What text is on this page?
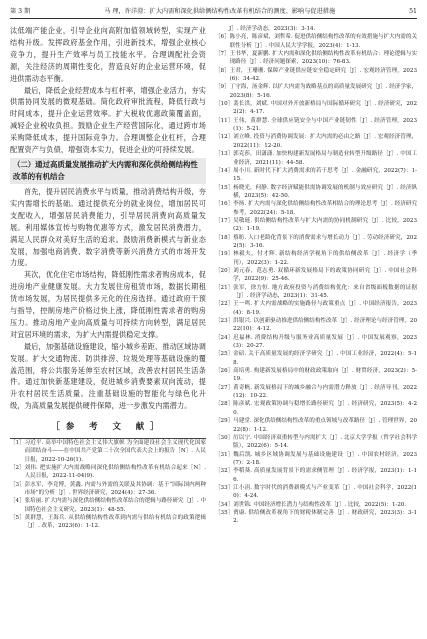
第 3 期	马 理，许洋澄：扩大内需和深化供给侧结构性改革有机结合的测度、影响与促进措施	51

汰低端产能企业，引导企业向高附加值领域转型，实现产业结构升级。发挥政府基金作用，引进新技术，增强企业核心竞争力，提升生产效率与员工技能水平。合理调配社会资源，关注经济的周期性变化，营造良好的企业运营环境，促进供需动态平衡。

最后，降低企业经营成本与杠杆率，增强企业活力，夯实供需协同发展的微观基础。简化政府审批流程，降低行政与时间成本，提升企业运营效率。扩大税收优惠政策覆盖面，减轻企业税收负担。鼓励企业生产经营国际化，通过跨市场采购降低成本，提升国际竞争力。合理调整企业杠杆，合理配置资产与负债，增强资本实力，促进企业的可持续发展。

（二）通过高质量发展推动扩大内需和深化供给侧结构性改革的有机结合

首先，提升居民消费水平与质量，推动消费结构升级，夯实内需增长的基础。通过提供充分的就业岗位，增加居民可支配收入，增强居民消费能力，引导居民消费向高质量发展。利用媒体宣传与购物优惠等方式，激发居民消费潜力，满足人民群众对美好生活的追求。鼓励消费新模式与新业态发展，加强电商消费、数字消费等新兴消费方式的市场开发力度。

其次，优化住宅市场结构，降低刚性需求者购房成本，促进房地产业健康发展。大力发展住房租赁市场，数据长期租赁市场发展，为居民提供多元化的住房选择。通过政府干预与指导，控制房地产价格过快上涨，降低刚性需求者的购房压力。推动房地产业向高质量与可持续方向转型，满足居民对宜居环境的需求，为扩大内需提供稳定支撑。

最后，加强基础设施建设，缩小城乡差距、推动区域协调发展。扩大交通物流、防洪排涝、垃圾处理等基础设施的覆盖范围，将公共服务延伸至农村区域，改善农村居民生活条件。通过加快新基建建设，促进城乡消费要素双向流动，提升农村居民生活质量。注重基础设施的智能化与绿色化升级，为高质量发展提供硬件保障，进一步激发内需潜力。

［参 考 文 献］
［1］ 习近平. 高举中国特色社会主义伟大旗帜 为全面建设社会主义现代化国家而团结奋斗——在中国共产党第二十次全国代表大会上的报告［N］. 人民日报，2022-10-26(1).
［2］ 刘伟. 把实施扩大内需战略同深化供给侧结构性改革有机结合起来［N］. 人民日报，2022-11-04(9).
［3］ 彭水军，李竞博，黄鑫. 内需与外需的关联及其协调：基于“国际国内两种市场”的分析［J］. 世界经济研究，2024(4)：27-36.
［4］ 张培丽. 扩大内需与深化供给侧结构性改革结合的逻辑与路径研究［J］. 中国特色社会主义研究，2023(1)：48-55.
［5］ 黄群慧，王海兵. 从供给侧结构性改革到内需与供给有机结合的政策逻辑［J］. 改革，2023(6)：1-12.
J］. 经济学动态，2023(3)：3-14.
［6］ 陈小亮，陈彦斌，刘哲希. 促进供给侧结构性改革的有效措施与扩大内需的关联性分析［J］. 中国人民大学学报，2023(4)：1-13.
［7］ 王书华，夏新鹏. 扩大内需和深化供给侧结构性改革有机结合：理论逻辑与实现路径［J］. 经济问题探索，2023(10)：76-83.
［8］ 王君，王珊珊. 保障产业链供应链安全稳定研究［J］. 宏观经济管理，2023(6)：34-42.
［9］ 丁守海，汤金辉. 以扩大内需为战略基点的高质量发展研究［J］. 经济学家，2023(8)：5-16.
［10］ 裴长洪，刘斌. 中国对外开放新格局与国际循环研究［J］. 经济研究，2022(2)：4-17.
［11］ 王伟，黄群慧. 全球供应链安全与中国产业链韧性［J］. 经济管理，2023(1)：5-21.
［12］ 刘立峰. 投资与消费协调发展：扩大内需的必由之路［J］. 宏观经济管理，2022(11)：12-20.
［13］ 郭克莎，田潇潇. 加快构建新发展格局与制造业转型升级路径［J］. 中国工业经济，2021(11)：44-58.
［14］ 周小川. 新时代下扩大消费需求的若干思考［J］. 金融研究，2022(7)：1-15.
［15］ 杨晓光，何静. 数字经济赋能供需协调发展的机制与效应研究［J］. 经济纵横，2023(5)：42-50.
［16］ 李扬. 扩大内需与深化供给侧结构性改革相结合的理论思考［J］. 经济研究参考，2022(24)：5-18.
［17］ 吴敬琏. 供给侧结构性改革与扩大内需的协同机制研究［J］. 比较，2023(2)：1-19.
［18］ 蔡昉. 人口老龄化背景下的消费需求与增长动力［J］. 劳动经济研究，2022(5)：3-16.
［19］ 林毅夫，付才辉. 新结构经济学视角下的供给侧改革［J］. 经济学（季刊），2022(3)：1-22.
［20］ 刘元春，范志勇. 双循环新发展格局下的政策协同研究［J］. 中国社会科学，2022(9)：25-46.
［21］ 张军，徐力恒. 地方政府投资与消费结构优化：来自省级面板数据的证据［J］. 经济学动态，2023(1)：31-45.
［22］ 王一鸣. 扩大内需战略的实施路径与政策重点［J］. 中国经济报告，2023(4)：8-19.
［23］ 洪银兴. 以创新驱动推进供给侧结构性改革［J］. 经济理论与经济管理，2022(10)：4-12.
［24］ 迟福林. 消费结构升级与服务业高质量发展［J］. 中国发展观察，2023(3)：20-27.
［25］ 金碚. 关于高质量发展的经济学研究［J］. 中国工业经济，2022(4)：5-18.
［26］ 高培勇. 构建新发展格局中的财政政策取向［J］. 财贸经济，2023(2)：5-19.
［27］ 黄奇帆. 新发展格局下的城乡融合与内需潜力释放［J］. 经济导刊，2022(12)：10-22.
［28］ 陈彦斌. 宏观政策协调与稳增长路径研究［J］. 经济研究，2023(5)：4-20.
［29］ 马建堂. 深化供给侧结构性改革的重点领域与改革路径［J］. 管理世界，2022(8)：1-12.
［30］ 厉以宁. 中国经济双重转型与内需扩大［J］. 北京大学学报（哲学社会科学版），2022(6)：5-14.
［31］ 魏后凯. 城乡区域协调发展与基础设施建设［J］. 中国农村经济，2023(7)：2-18.
［32］ 李稻葵. 高质量发展背景下的需求侧管理［J］. 经济学报，2023(1)：1-16.
［33］ 江小涓. 数字时代的消费新模式与产业变革［J］. 中国社会科学，2022(10)：4-24.
［34］ 刘世锦. 中国经济增长潜力与结构性改革［J］. 比较，2022(5)：1-20.
［35］ 贾康. 供给侧改革视角下的财税体制完善［J］. 财政研究，2023(3)：3-12.
